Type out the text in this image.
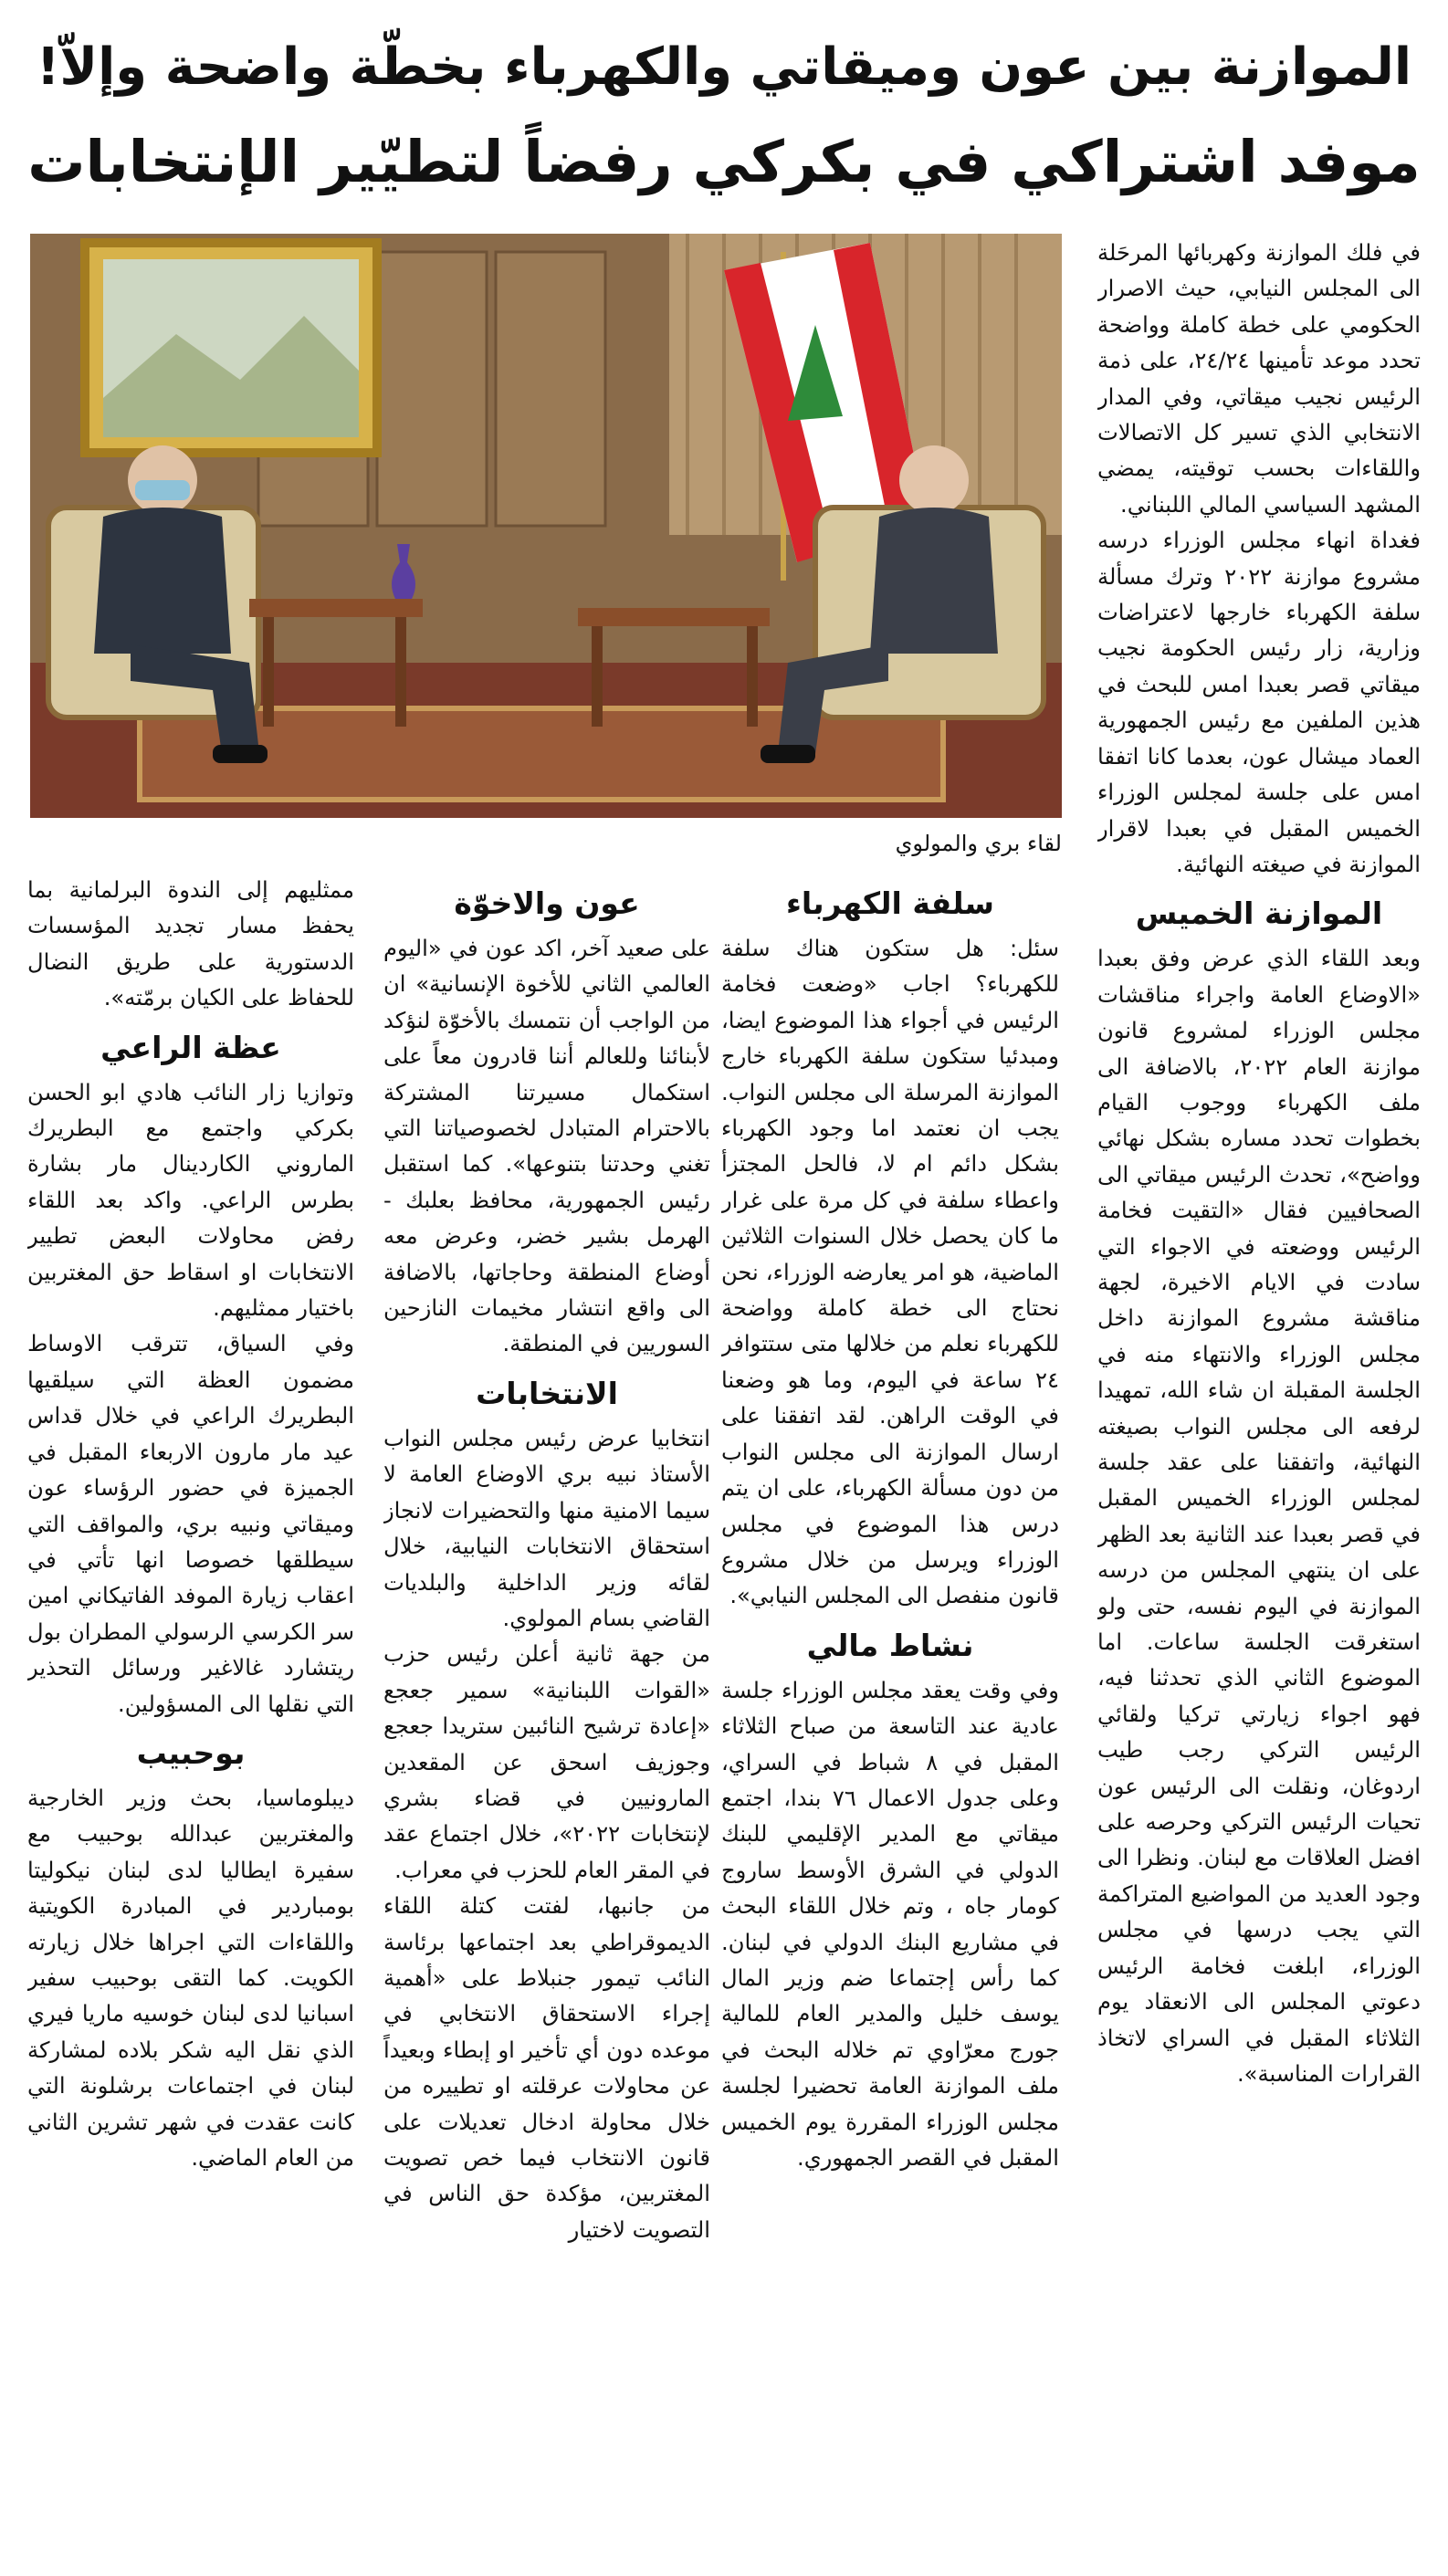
الموازنة بين عون وميقاتي والكهرباء بخطّة واضحة وإلاّ!
موفد اشتراكي في بكركي رفضاً لتطيّير الإنتخابات

في فلك الموازنة وكهربائها المرحَلة الى المجلس النيابي، حيث الاصرار الحكومي على خطة كاملة وواضحة تحدد موعد تأمينها ٢٤/٢٤، على ذمة الرئيس نجيب ميقاتي، وفي المدار الانتخابي الذي تسير كل الاتصالات واللقاءات بحسب توقيته، يمضي المشهد السياسي المالي اللبناني.

فغداة انهاء مجلس الوزراء درسه مشروع موازنة ٢٠٢٢ وترك مسألة سلفة الكهرباء خارجها لاعتراضات وزارية، زار رئيس الحكومة نجيب ميقاتي قصر بعبدا امس للبحث في هذين الملفين مع رئيس الجمهورية العماد ميشال عون، بعدما كانا اتفقا امس على جلسة لمجلس الوزراء الخميس المقبل في بعبدا لاقرار الموازنة في صيغته النهائية.

الموازنة الخميس

وبعد اللقاء الذي عرض وفق بعبدا «الاوضاع العامة واجراء مناقشات مجلس الوزراء لمشروع قانون موازنة العام ٢٠٢٢، بالاضافة الى ملف الكهرباء ووجوب القيام بخطوات تحدد مساره بشكل نهائي وواضح»، تحدث الرئيس ميقاتي الى الصحافيين فقال «التقيت فخامة الرئيس ووضعته في الاجواء التي سادت في الايام الاخيرة، لجهة مناقشة مشروع الموازنة داخل مجلس الوزراء والانتهاء منه في الجلسة المقبلة ان شاء الله، تمهيدا لرفعه الى مجلس النواب بصيغته النهائية، واتفقنا على عقد جلسة لمجلس الوزراء الخميس المقبل في قصر بعبدا عند الثانية بعد الظهر على ان ينتهي المجلس من درسه الموازنة في اليوم نفسه، حتى ولو استغرقت الجلسة ساعات. اما الموضوع الثاني الذي تحدثنا فيه، فهو اجواء زيارتي تركيا ولقائي الرئيس التركي رجب طيب اردوغان، ونقلت الى الرئيس عون تحيات الرئيس التركي وحرصه على افضل العلاقات مع لبنان. ونظرا الى وجود العديد من المواضيع المتراكمة التي يجب درسها في مجلس الوزراء، ابلغت فخامة الرئيس دعوتي المجلس الى الانعقاد يوم الثلاثاء المقبل في السراي لاتخاذ القرارات المناسبة».

لقاء بري والمولوي
سلفة الكهرباء

سئل: هل ستكون هناك سلفة للكهرباء؟ اجاب «وضعت فخامة الرئيس في أجواء هذا الموضوع ايضا، ومبدئيا ستكون سلفة الكهرباء خارج الموازنة المرسلة الى مجلس النواب. يجب ان نعتمد اما وجود الكهرباء بشكل دائم ام لا، فالحل المجتزأ واعطاء سلفة في كل مرة على غرار ما كان يحصل خلال السنوات الثلاثين الماضية، هو امر يعارضه الوزراء، نحن نحتاج الى خطة كاملة وواضحة للكهرباء نعلم من خلالها متى ستتوافر ٢٤ ساعة في اليوم، وما هو وضعنا في الوقت الراهن. لقد اتفقنا على ارسال الموازنة الى مجلس النواب من دون مسألة الكهرباء، على ان يتم درس هذا الموضوع في مجلس الوزراء ويرسل من خلال مشروع قانون منفصل الى المجلس النيابي».

نشاط مالي

وفي وقت يعقد مجلس الوزراء جلسة عادية عند التاسعة من صباح الثلاثاء المقبل في ٨ شباط في السراي، وعلى جدول الاعمال ٧٦ بندا، اجتمع ميقاتي مع المدير الإقليمي للبنك الدولي في الشرق الأوسط ساروج كومار جاه ، وتم خلال اللقاء البحث في مشاريع البنك الدولي في لبنان. كما رأس إجتماعا ضم وزير المال يوسف خليل والمدير العام للمالية جورج معرّاوي تم خلاله البحث في ملف الموازنة العامة تحضيرا لجلسة مجلس الوزراء المقررة يوم الخميس المقبل في القصر الجمهوري.

عون والاخوّة

على صعيد آخر، اكد عون في «اليوم العالمي الثاني للأخوة الإنسانية» ان من الواجب أن نتمسك بالأخوّة لنؤكد لأبنائنا وللعالم أننا قادرون معاً على استكمال مسيرتنا المشتركة بالاحترام المتبادل لخصوصياتنا التي تغني وحدتنا بتنوعها». كما استقبل رئيس الجمهورية، محافظ بعلبك - الهرمل بشير خضر، وعرض معه أوضاع المنطقة وحاجاتها، بالاضافة الى واقع انتشار مخيمات النازحين السوريين في المنطقة.

الانتخابات

انتخابيا عرض رئيس مجلس النواب الأستاذ نبيه بري الاوضاع العامة لا سيما الامنية منها والتحضيرات لانجاز استحقاق الانتخابات النيابية، خلال لقائه وزير الداخلية والبلديات القاضي بسام المولوي.

من جهة ثانية أعلن رئيس حزب «القوات اللبنانية» سمير جعجع «إعادة ترشيح النائبين ستريدا جعجع وجوزيف اسحق عن المقعدين المارونيين في قضاء بشري لإنتخابات ٢٠٢٢»، خلال اجتماع عقد في المقر العام للحزب في معراب.

من جانبها، لفتت كتلة اللقاء الديموقراطي بعد اجتماعها برئاسة النائب تيمور جنبلاط على «أهمية إجراء الاستحقاق الانتخابي في موعده دون أي تأخير او إبطاء وبعيداً عن محاولات عرقلته او تطييره من خلال محاولة ادخال تعديلات على قانون الانتخاب فيما خص تصويت المغتربين، مؤكدة حق الناس في التصويت لاختيار

ممثليهم إلى الندوة البرلمانية بما يحفظ مسار تجديد المؤسسات الدستورية على طريق النضال للحفاظ على الكيان برمّته».

عظة الراعي

وتوازيا زار النائب هادي ابو الحسن بكركي واجتمع مع البطريرك الماروني الكاردينال مار بشارة بطرس الراعي. واكد بعد اللقاء رفض محاولات البعض تطيير الانتخابات او اسقاط حق المغتربين باختيار ممثليهم.

وفي السياق، تترقب الاوساط مضمون العظة التي سيلقيها البطريرك الراعي في خلال قداس عيد مار مارون الاربعاء المقبل في الجميزة في حضور الرؤساء عون وميقاتي ونبيه بري، والمواقف التي سيطلقها خصوصا انها تأتي في اعقاب زيارة الموفد الفاتيكاني امين سر الكرسي الرسولي المطران بول ريتشارد غالاغير ورسائل التحذير التي نقلها الى المسؤولين.

بوحبيب

ديبلوماسيا، بحث وزير الخارجية والمغتربين عبدالله بوحبيب مع سفيرة ايطاليا لدى لبنان نيكوليتا بومباردير في المبادرة الكويتية واللقاءات التي اجراها خلال زيارته الكويت. كما التقى بوحبيب سفير اسبانيا لدى لبنان خوسيه ماريا فيري الذي نقل اليه شكر بلاده لمشاركة لبنان في اجتماعات برشلونة التي كانت عقدت في شهر تشرين الثاني من العام الماضي.
